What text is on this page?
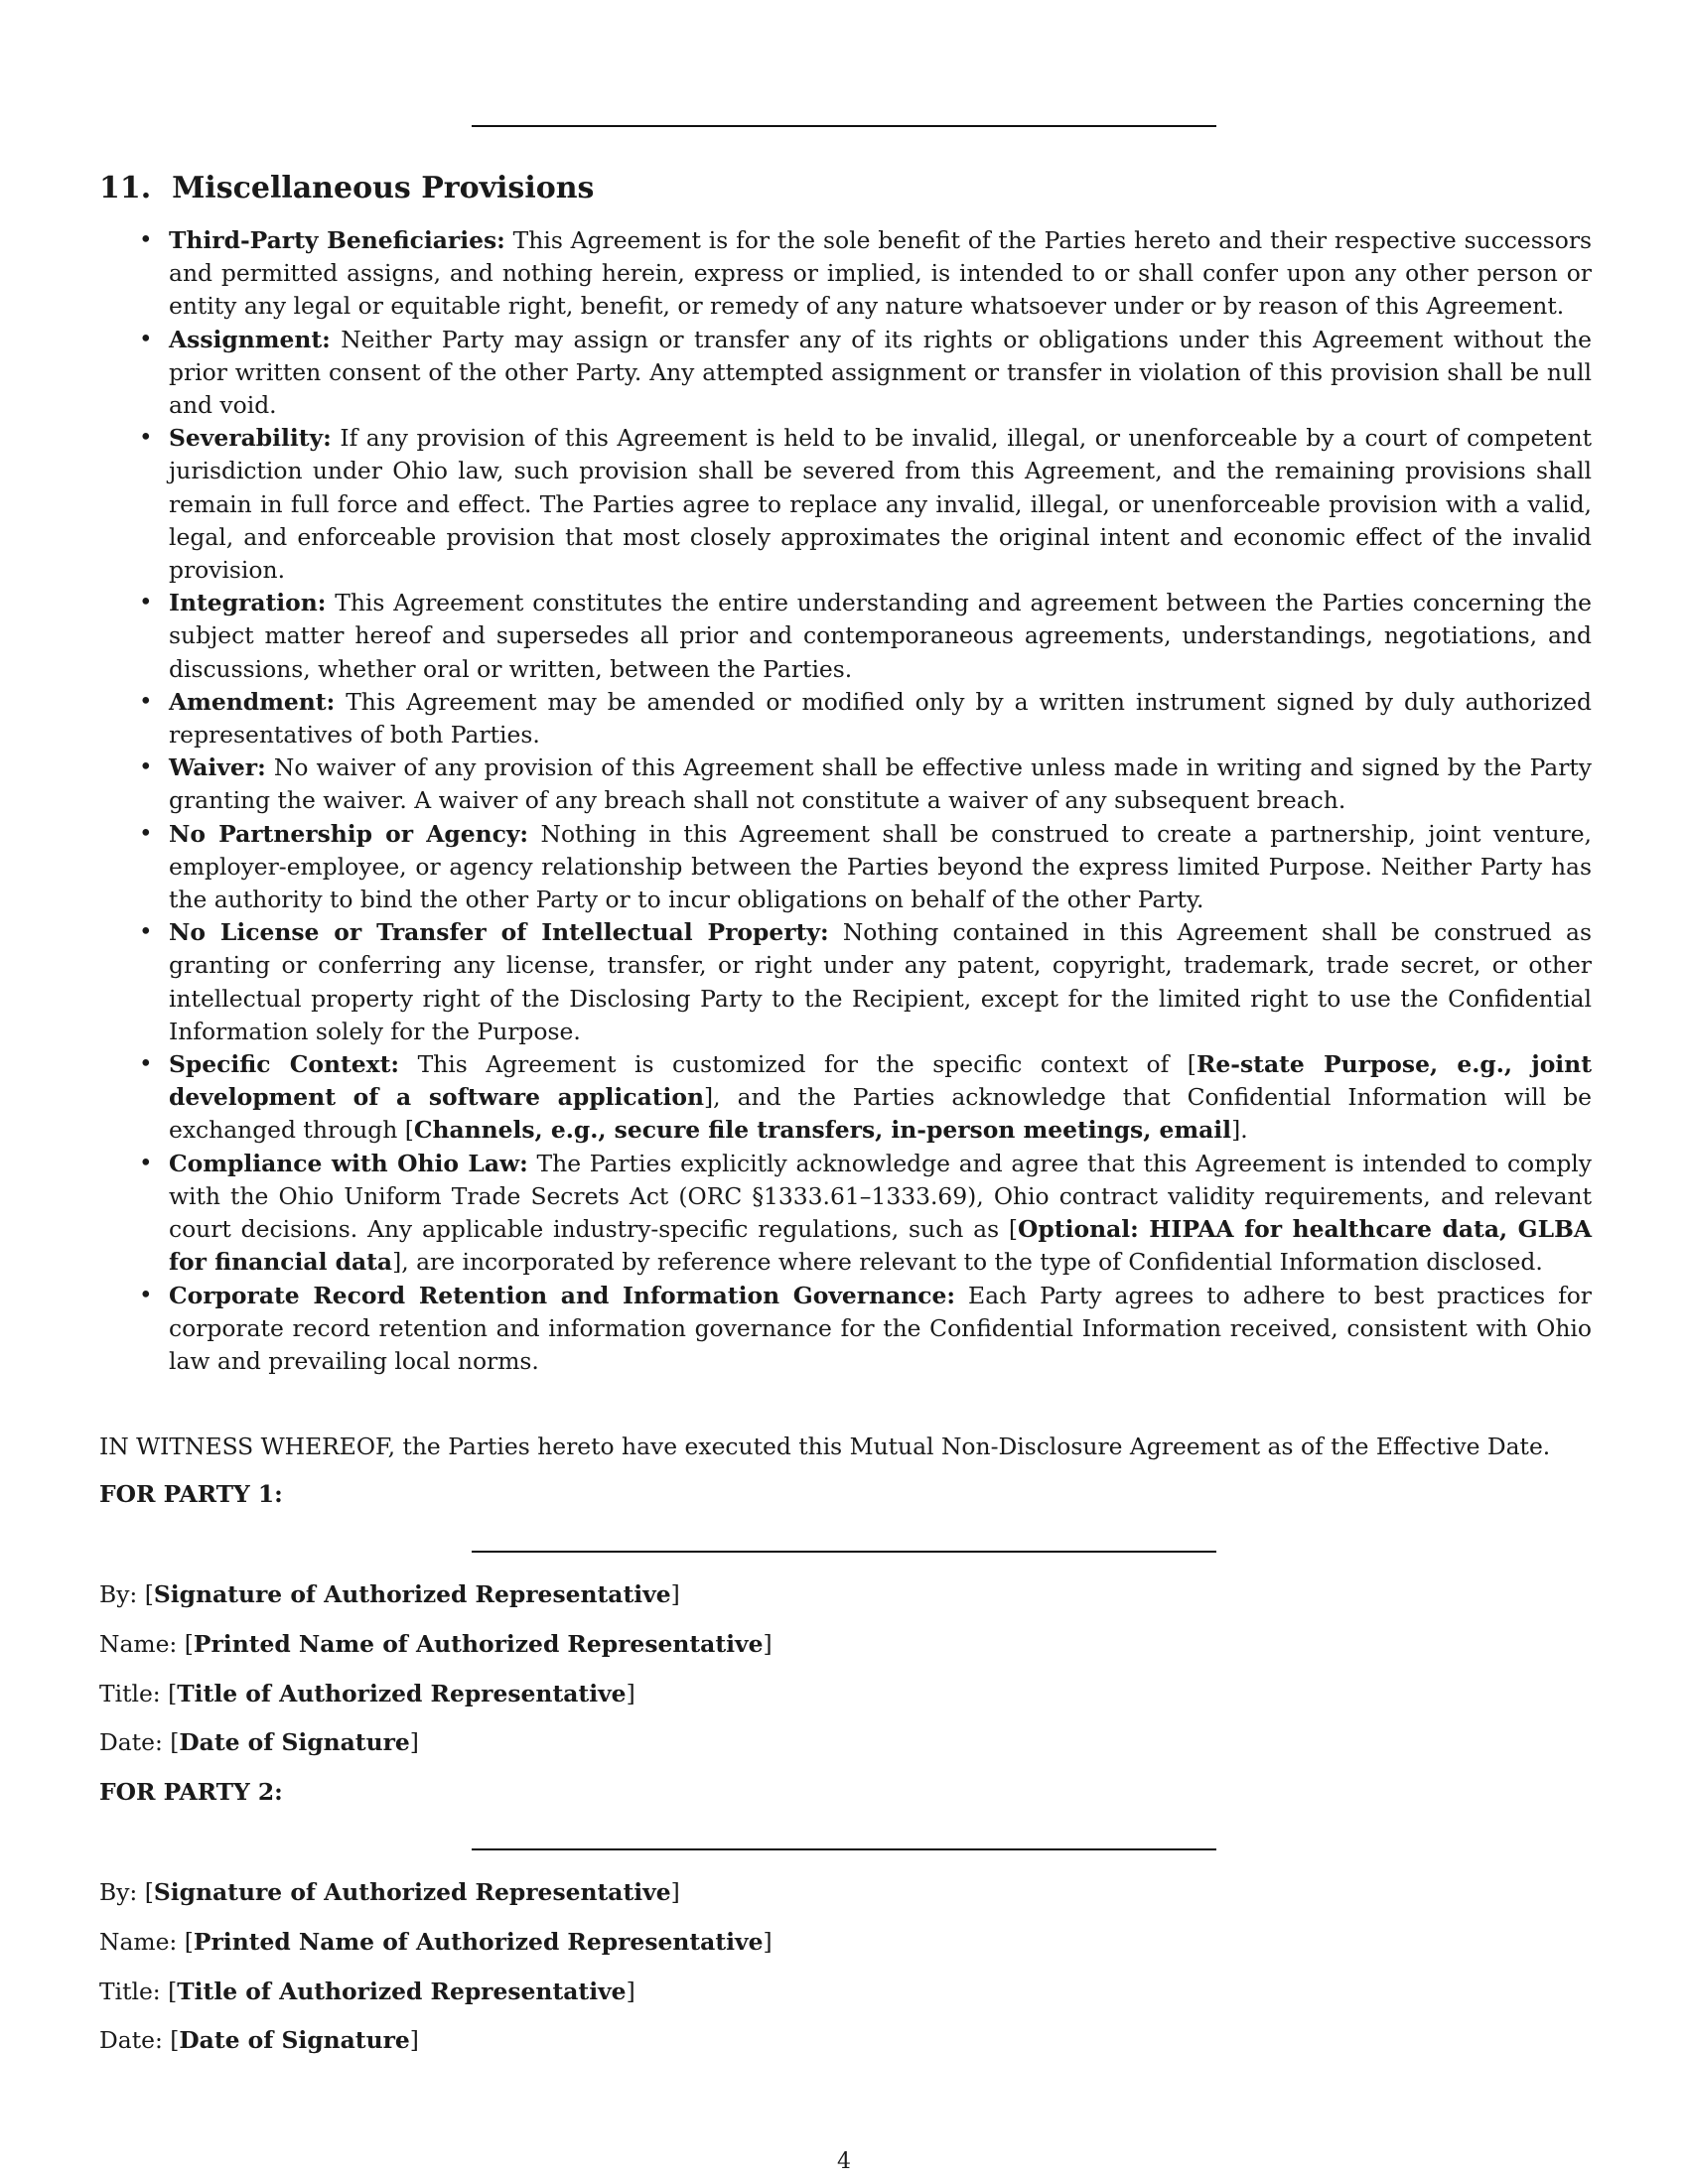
11. Miscellaneous Provisions
• Third-Party Beneficiaries: This Agreement is for the sole benefit of the Parties hereto and their respective successors and permitted assigns, and nothing herein, express or implied, is intended to or shall confer upon any other person or entity any legal or equitable right, benefit, or remedy of any nature whatsoever under or by reason of this Agreement.
• Assignment: Neither Party may assign or transfer any of its rights or obligations under this Agreement without the prior written consent of the other Party. Any attempted assignment or transfer in violation of this provision shall be null and void.
• Severability: If any provision of this Agreement is held to be invalid, illegal, or unenforceable by a court of competent jurisdiction under Ohio law, such provision shall be severed from this Agreement, and the remaining provisions shall remain in full force and effect. The Parties agree to replace any invalid, illegal, or unenforceable provision with a valid, legal, and enforceable provision that most closely approximates the original intent and economic effect of the invalid provision.
• Integration: This Agreement constitutes the entire understanding and agreement between the Parties concerning the subject matter hereof and supersedes all prior and contemporaneous agreements, understandings, negotiations, and discussions, whether oral or written, between the Parties.
• Amendment: This Agreement may be amended or modified only by a written instrument signed by duly authorized representatives of both Parties.
• Waiver: No waiver of any provision of this Agreement shall be effective unless made in writing and signed by the Party granting the waiver. A waiver of any breach shall not constitute a waiver of any subsequent breach.
• No Partnership or Agency: Nothing in this Agreement shall be construed to create a partnership, joint venture, employer-employee, or agency relationship between the Parties beyond the express limited Purpose. Neither Party has the authority to bind the other Party or to incur obligations on behalf of the other Party.
• No License or Transfer of Intellectual Property: Nothing contained in this Agreement shall be construed as granting or conferring any license, transfer, or right under any patent, copyright, trademark, trade secret, or other intellectual property right of the Disclosing Party to the Recipient, except for the limited right to use the Confidential Information solely for the Purpose.
• Specific Context: This Agreement is customized for the specific context of [Re-state Purpose, e.g., joint development of a software application], and the Parties acknowledge that Confidential Information will be exchanged through [Channels, e.g., secure file transfers, in-person meetings, email].
• Compliance with Ohio Law: The Parties explicitly acknowledge and agree that this Agreement is intended to comply with the Ohio Uniform Trade Secrets Act (ORC §1333.61–1333.69), Ohio contract validity requirements, and relevant court decisions. Any applicable industry-specific regulations, such as [Optional: HIPAA for healthcare data, GLBA for financial data], are incorporated by reference where relevant to the type of Confidential Information disclosed.
• Corporate Record Retention and Information Governance: Each Party agrees to adhere to best practices for corporate record retention and information governance for the Confidential Information received, consistent with Ohio law and prevailing local norms.

IN WITNESS WHEREOF, the Parties hereto have executed this Mutual Non-Disclosure Agreement as of the Effective Date.

FOR PARTY 1:

By: [Signature of Authorized Representative]

Name: [Printed Name of Authorized Representative]

Title: [Title of Authorized Representative]

Date: [Date of Signature]

FOR PARTY 2:

By: [Signature of Authorized Representative]

Name: [Printed Name of Authorized Representative]

Title: [Title of Authorized Representative]

Date: [Date of Signature]

4
